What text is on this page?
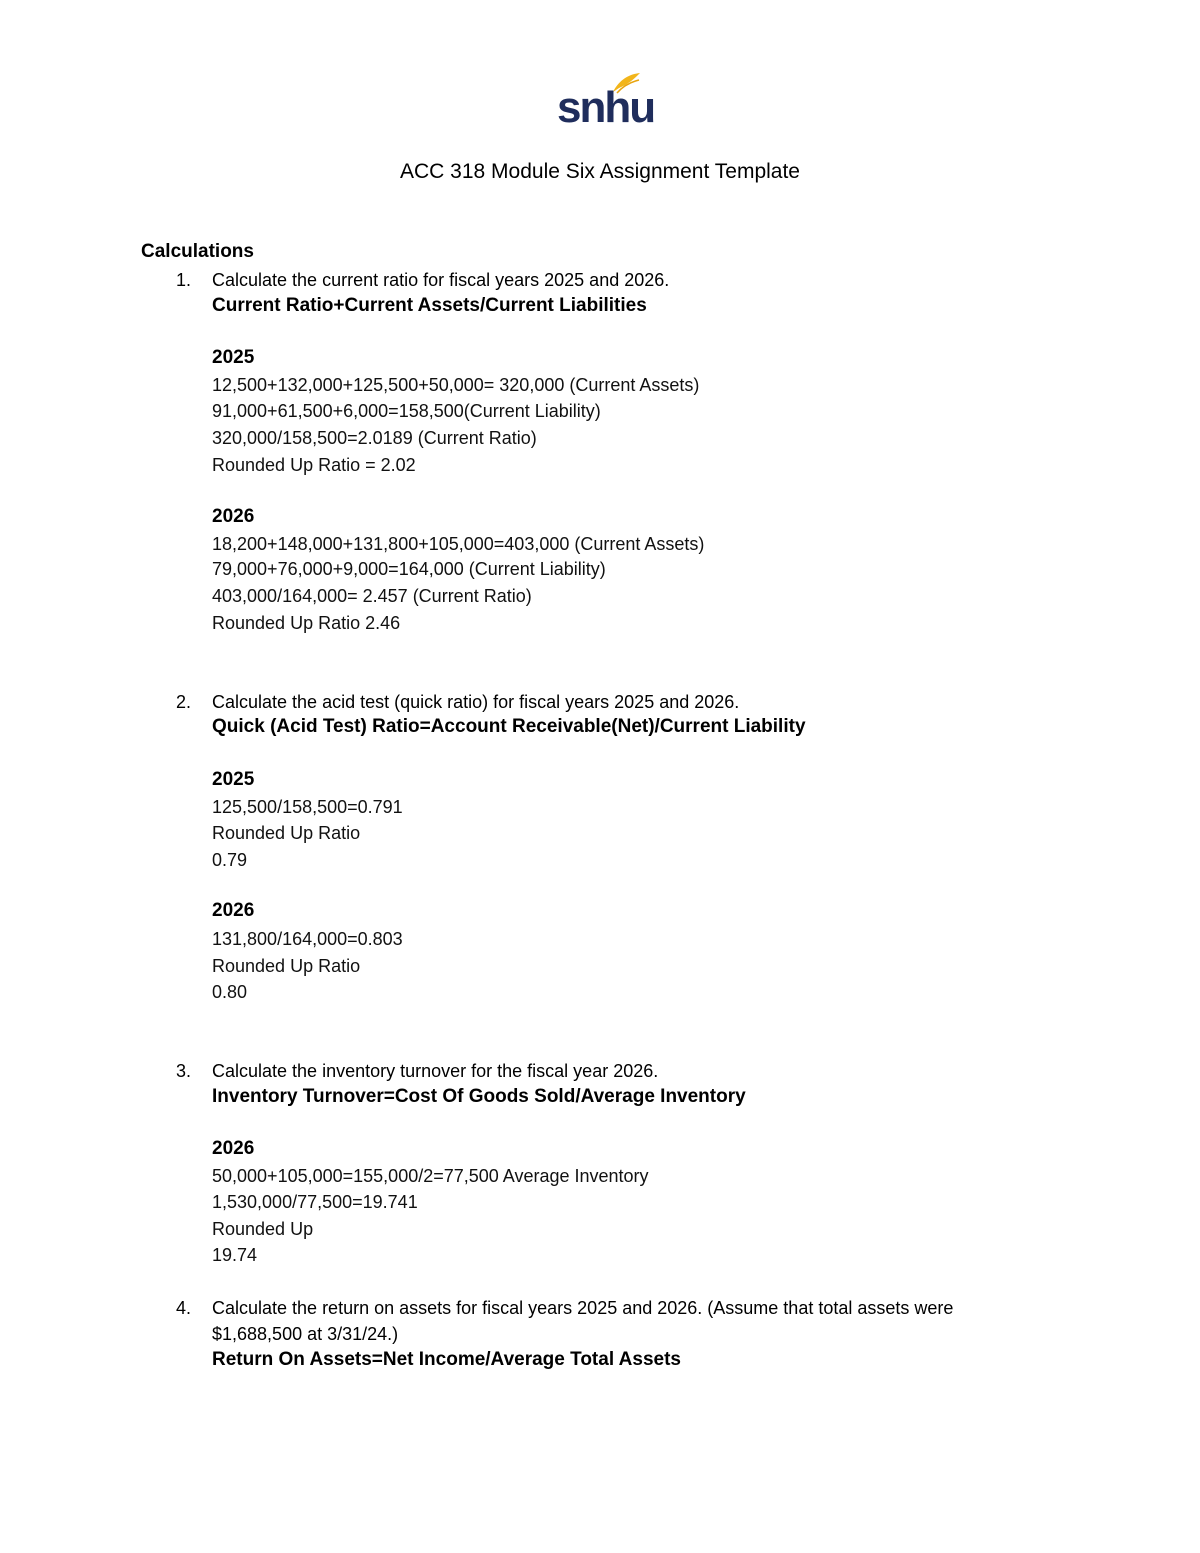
snhu
ACC 318 Module Six Assignment Template
Calculations
1. Calculate the current ratio for fiscal years 2025 and 2026.
Current Ratio+Current Assets/Current Liabilities
2025
12,500+132,000+125,500+50,000= 320,000 (Current Assets)
91,000+61,500+6,000=158,500(Current Liability)
320,000/158,500=2.0189 (Current Ratio)
Rounded Up Ratio = 2.02
2026
18,200+148,000+131,800+105,000=403,000 (Current Assets)
79,000+76,000+9,000=164,000 (Current Liability)
403,000/164,000= 2.457 (Current Ratio)
Rounded Up Ratio 2.46
2. Calculate the acid test (quick ratio) for fiscal years 2025 and 2026.
Quick (Acid Test) Ratio=Account Receivable(Net)/Current Liability
2025
125,500/158,500=0.791
Rounded Up Ratio
0.79
2026
131,800/164,000=0.803
Rounded Up Ratio
0.80
3. Calculate the inventory turnover for the fiscal year 2026.
Inventory Turnover=Cost Of Goods Sold/Average Inventory
2026
50,000+105,000=155,000/2=77,500 Average Inventory
1,530,000/77,500=19.741
Rounded Up
19.74
4. Calculate the return on assets for fiscal years 2025 and 2026. (Assume that total assets were
$1,688,500 at 3/31/24.)
Return On Assets=Net Income/Average Total Assets
